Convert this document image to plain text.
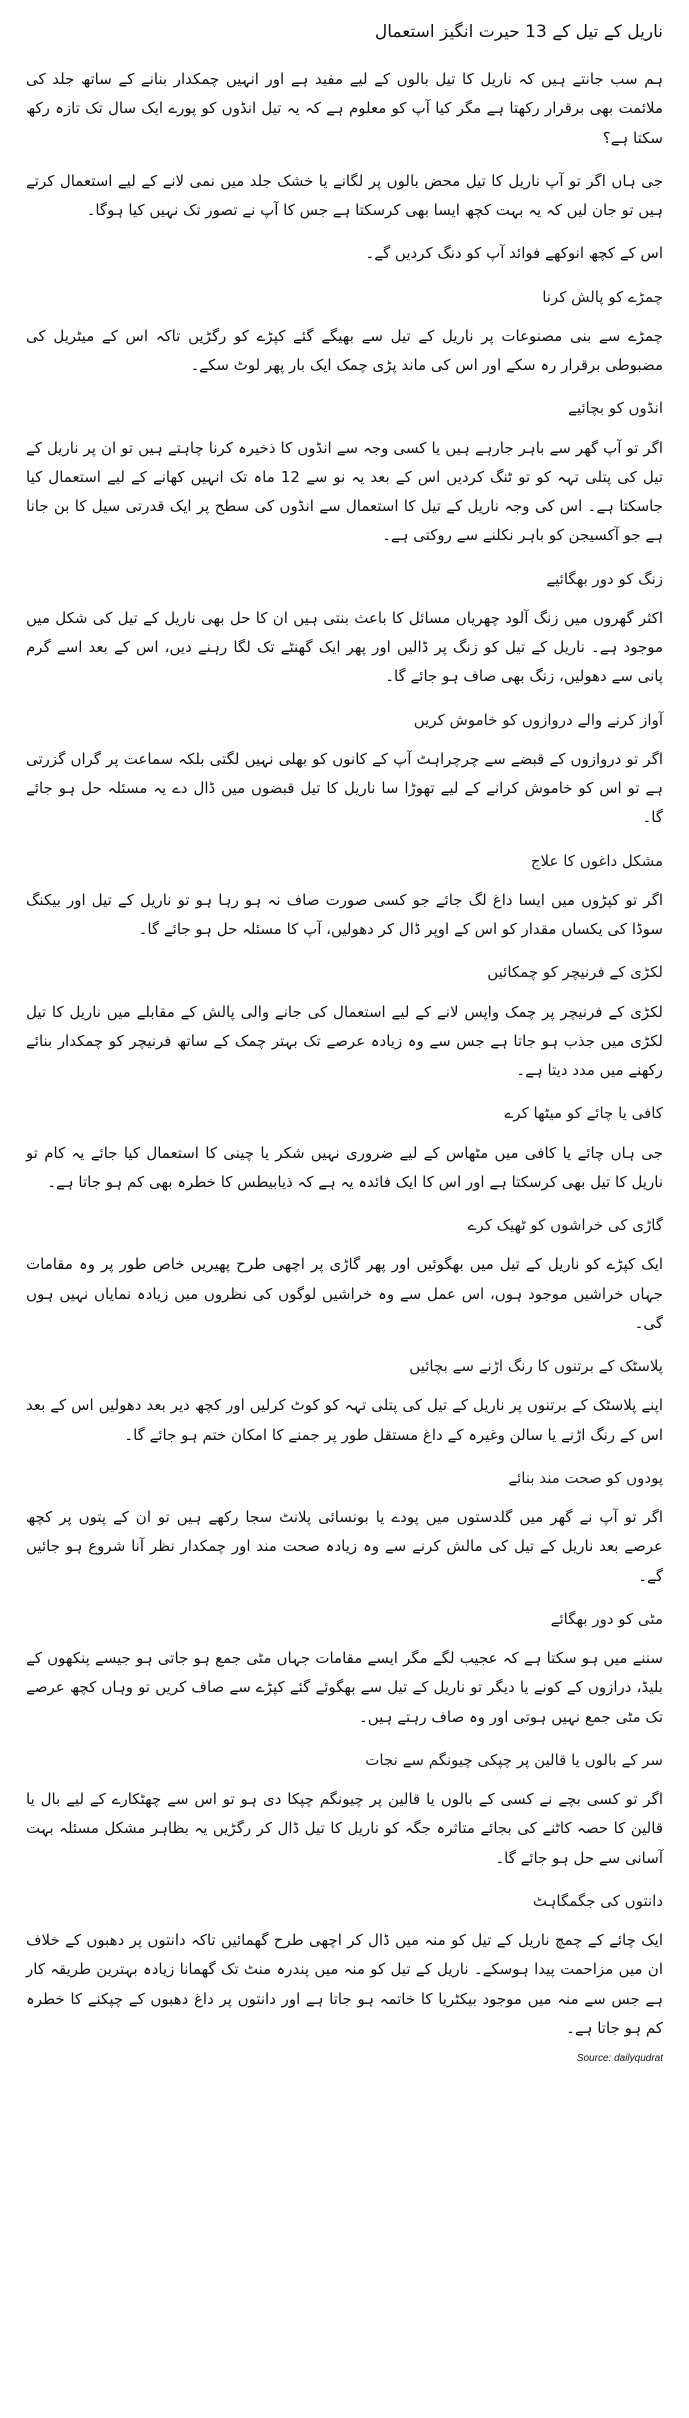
ناریل کے تیل کے 13 حیرت انگیز استعمال

ہم سب جانتے ہیں کہ ناریل کا تیل بالوں کے لیے مفید ہے اور انہیں چمکدار بنانے کے ساتھ جلد کی ملائمت بھی برقرار رکھتا ہے مگر کیا آپ کو معلوم ہے کہ یہ تیل انڈوں کو پورے ایک سال تک تازہ رکھ سکتا ہے؟

جی ہاں اگر تو آپ ناریل کا تیل محض بالوں پر لگانے یا خشک جلد میں نمی لانے کے لیے استعمال کرتے ہیں تو جان لیں کہ یہ بہت کچھ ایسا بھی کرسکتا ہے جس کا آپ نے تصور تک نہیں کیا ہوگا۔

اس کے کچھ انوکھے فوائد آپ کو دنگ کردیں گے۔

چمڑے کو پالش کرنا

چمڑے سے بنی مصنوعات پر ناریل کے تیل سے بھیگے گئے کپڑے کو رگڑیں تاکہ اس کے میٹریل کی مضبوطی برقرار رہ سکے اور اس کی ماند پڑی چمک ایک بار پھر لوٹ سکے۔

انڈوں کو بچائیے

اگر تو آپ گھر سے باہر جارہے ہیں یا کسی وجہ سے انڈوں کا ذخیرہ کرنا چاہتے ہیں تو ان پر ناریل کے تیل کی پتلی تہہ کو تو ٹنگ کردیں اس کے بعد یہ نو سے 12 ماہ تک انہیں کھانے کے لیے استعمال کیا جاسکتا ہے۔ اس کی وجہ ناریل کے تیل کا استعمال سے انڈوں کی سطح پر ایک قدرتی سیل کا بن جانا ہے جو آکسیجن کو باہر نکلنے سے روکتی ہے۔

زنگ کو دور بھگائیے

اکثر گھروں میں زنگ آلود چھریاں مسائل کا باعث بنتی ہیں ان کا حل بھی ناریل کے تیل کی شکل میں موجود ہے۔ ناریل کے تیل کو زنگ پر ڈالیں اور پھر ایک گھنٹے تک لگا رہنے دیں، اس کے بعد اسے گرم پانی سے دھولیں، زنگ بھی صاف ہو جائے گا۔

آواز کرنے والے دروازوں کو خاموش کریں

اگر تو دروازوں کے قبضے سے چرچراہٹ آپ کے کانوں کو بھلی نہیں لگتی بلکہ سماعت پر گراں گزرتی ہے تو اس کو خاموش کرانے کے لیے تھوڑا سا ناریل کا تیل قبضوں میں ڈال دے یہ مسئلہ حل ہو جائے گا۔

مشکل داغوں کا علاج

اگر تو کپڑوں میں ایسا داغ لگ جائے جو کسی صورت صاف نہ ہو رہا ہو تو ناریل کے تیل اور بیکنگ سوڈا کی یکساں مقدار کو اس کے اوپر ڈال کر دھولیں، آپ کا مسئلہ حل ہو جائے گا۔

لکڑی کے فرنیچر کو چمکائیں

لکڑی کے فرنیچر پر چمک واپس لانے کے لیے استعمال کی جانے والی پالش کے مقابلے میں ناریل کا تیل لکڑی میں جذب ہو جاتا ہے جس سے وہ زیادہ عرصے تک بہتر چمک کے ساتھ فرنیچر کو چمکدار بنائے رکھنے میں مدد دیتا ہے۔

کافی یا چائے کو میٹھا کرے

جی ہاں چائے یا کافی میں مٹھاس کے لیے ضروری نہیں شکر یا چینی کا استعمال کیا جائے یہ کام تو ناریل کا تیل بھی کرسکتا ہے اور اس کا ایک فائدہ یہ ہے کہ ذیابیطس کا خطرہ بھی کم ہو جاتا ہے۔

گاڑی کی خراشوں کو ٹھیک کرے

ایک کپڑے کو ناریل کے تیل میں بھگوئیں اور پھر گاڑی پر اچھی طرح پھیریں خاص طور پر وہ مقامات جہاں خراشیں موجود ہوں، اس عمل سے وہ خراشیں لوگوں کی نظروں میں زیادہ نمایاں نہیں ہوں گی۔

پلاسٹک کے برتنوں کا رنگ اڑنے سے بچائیں

اپنے پلاسٹک کے برتنوں پر ناریل کے تیل کی پتلی تہہ کو کوٹ کرلیں اور کچھ دیر بعد دھولیں اس کے بعد اس کے رنگ اڑنے یا سالن وغیرہ کے داغ مستقل طور پر جمنے کا امکان ختم ہو جائے گا۔

پودوں کو صحت مند بنائے

اگر تو آپ نے گھر میں گلدستوں میں پودے یا بونسائی پلانٹ سجا رکھے ہیں تو ان کے پتوں پر کچھ عرصے بعد ناریل کے تیل کی مالش کرنے سے وہ زیادہ صحت مند اور چمکدار نظر آنا شروع ہو جائیں گے۔

مٹی کو دور بھگائے

سننے میں ہو سکتا ہے کہ عجیب لگے مگر ایسے مقامات جہاں مٹی جمع ہو جاتی ہو جیسے پنکھوں کے بلیڈ، درازوں کے کونے یا دیگر تو ناریل کے تیل سے بھگوئے گئے کپڑے سے صاف کریں تو وہاں کچھ عرصے تک مٹی جمع نہیں ہوتی اور وہ صاف رہتے ہیں۔

سر کے بالوں یا قالین پر چپکی چیونگم سے نجات

اگر تو کسی بچے نے کسی کے بالوں یا قالین پر چیونگم چپکا دی ہو تو اس سے چھٹکارے کے لیے بال یا قالین کا حصہ کاٹنے کی بجائے متاثرہ جگہ کو ناریل کا تیل ڈال کر رگڑیں یہ بظاہر مشکل مسئلہ بہت آسانی سے حل ہو جائے گا۔

دانتوں کی جگمگاہٹ

ایک چائے کے چمچ ناریل کے تیل کو منہ میں ڈال کر اچھی طرح گھمائیں تاکہ دانتوں پر دھبوں کے خلاف ان میں مزاحمت پیدا ہوسکے۔ ناریل کے تیل کو منہ میں پندرہ منٹ تک گھمانا زیادہ بہترین طریقہ کار ہے جس سے منہ میں موجود بیکٹریا کا خاتمہ ہو جاتا ہے اور دانتوں پر داغ دھبوں کے چپکنے کا خطرہ کم ہو جاتا ہے۔

Source: dailyqudrat
